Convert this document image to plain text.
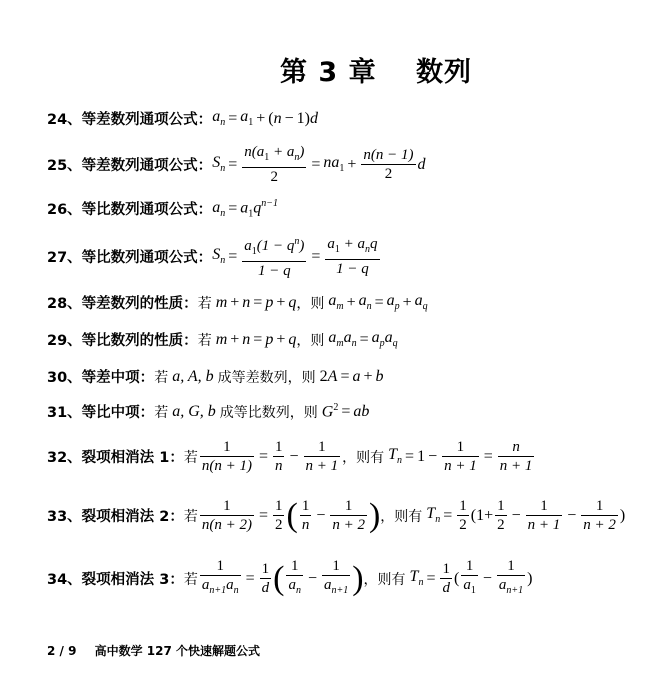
第 3 章 数列
24、等差数列通项公式： $a_n = a_1$ + ( n − 1) d
25、等差数列通项公式： $S_n = \frac{n(a_1 + a_n)}{2} = na_1 + \frac{n(n - 1)}{2}$ d
26、等比数列通项公式： $a_n = a_1q^{n-1}$
27、等比数列通项公式： $S_n = \frac{a_1(1 - q^n)}{1 - q} = \frac{a_1 + a_nq}{1 - q}$
28、等差数列的性质： 若 m + n = p + q ， 则 $a_m + a_n = a_p + a_q$
29、等比数列的性质： 若 m + n = p + q ， 则 $a_ma_n = a_pa_q$
30、等差中项： 若 a, A, b 成等差数列， 则 2 A = a + b
31、等比中项： 若 a, G, b 成等比数列， 则 $G^2$ = ab
32、裂项相消法 1： 若 $\frac{1}{n(n + 1)} = \frac{1}{n} - \frac{1}{n + 1}$ ， 则有 $T_n = 1 - \frac{1}{n + 1} = \frac{n}{n + 1}$
33、裂项相消法 2： 若 $\frac{1}{n(n + 2)} = \frac{1}{2}$ ( $\frac{1}{n} - \frac{1}{n + 2}$ ) ， 则有 $T_n = \frac{1}{2} (1+ \frac{1}{2} - \frac{1}{n + 1} - \frac{1}{n + 2}$ )
34、裂项相消法 3： 若 $\frac{1}{a_{n+1}a_n} = \frac{1}{d}$ ( $\frac{1}{a_n} - \frac{1}{a_{n+1}}$ ) ， 则有 $T_n = \frac{1}{d}$ ( $\frac{1}{a_1} - \frac{1}{a_{n+1}}$ )
2 / 9 高中数学 127 个快速解题公式
